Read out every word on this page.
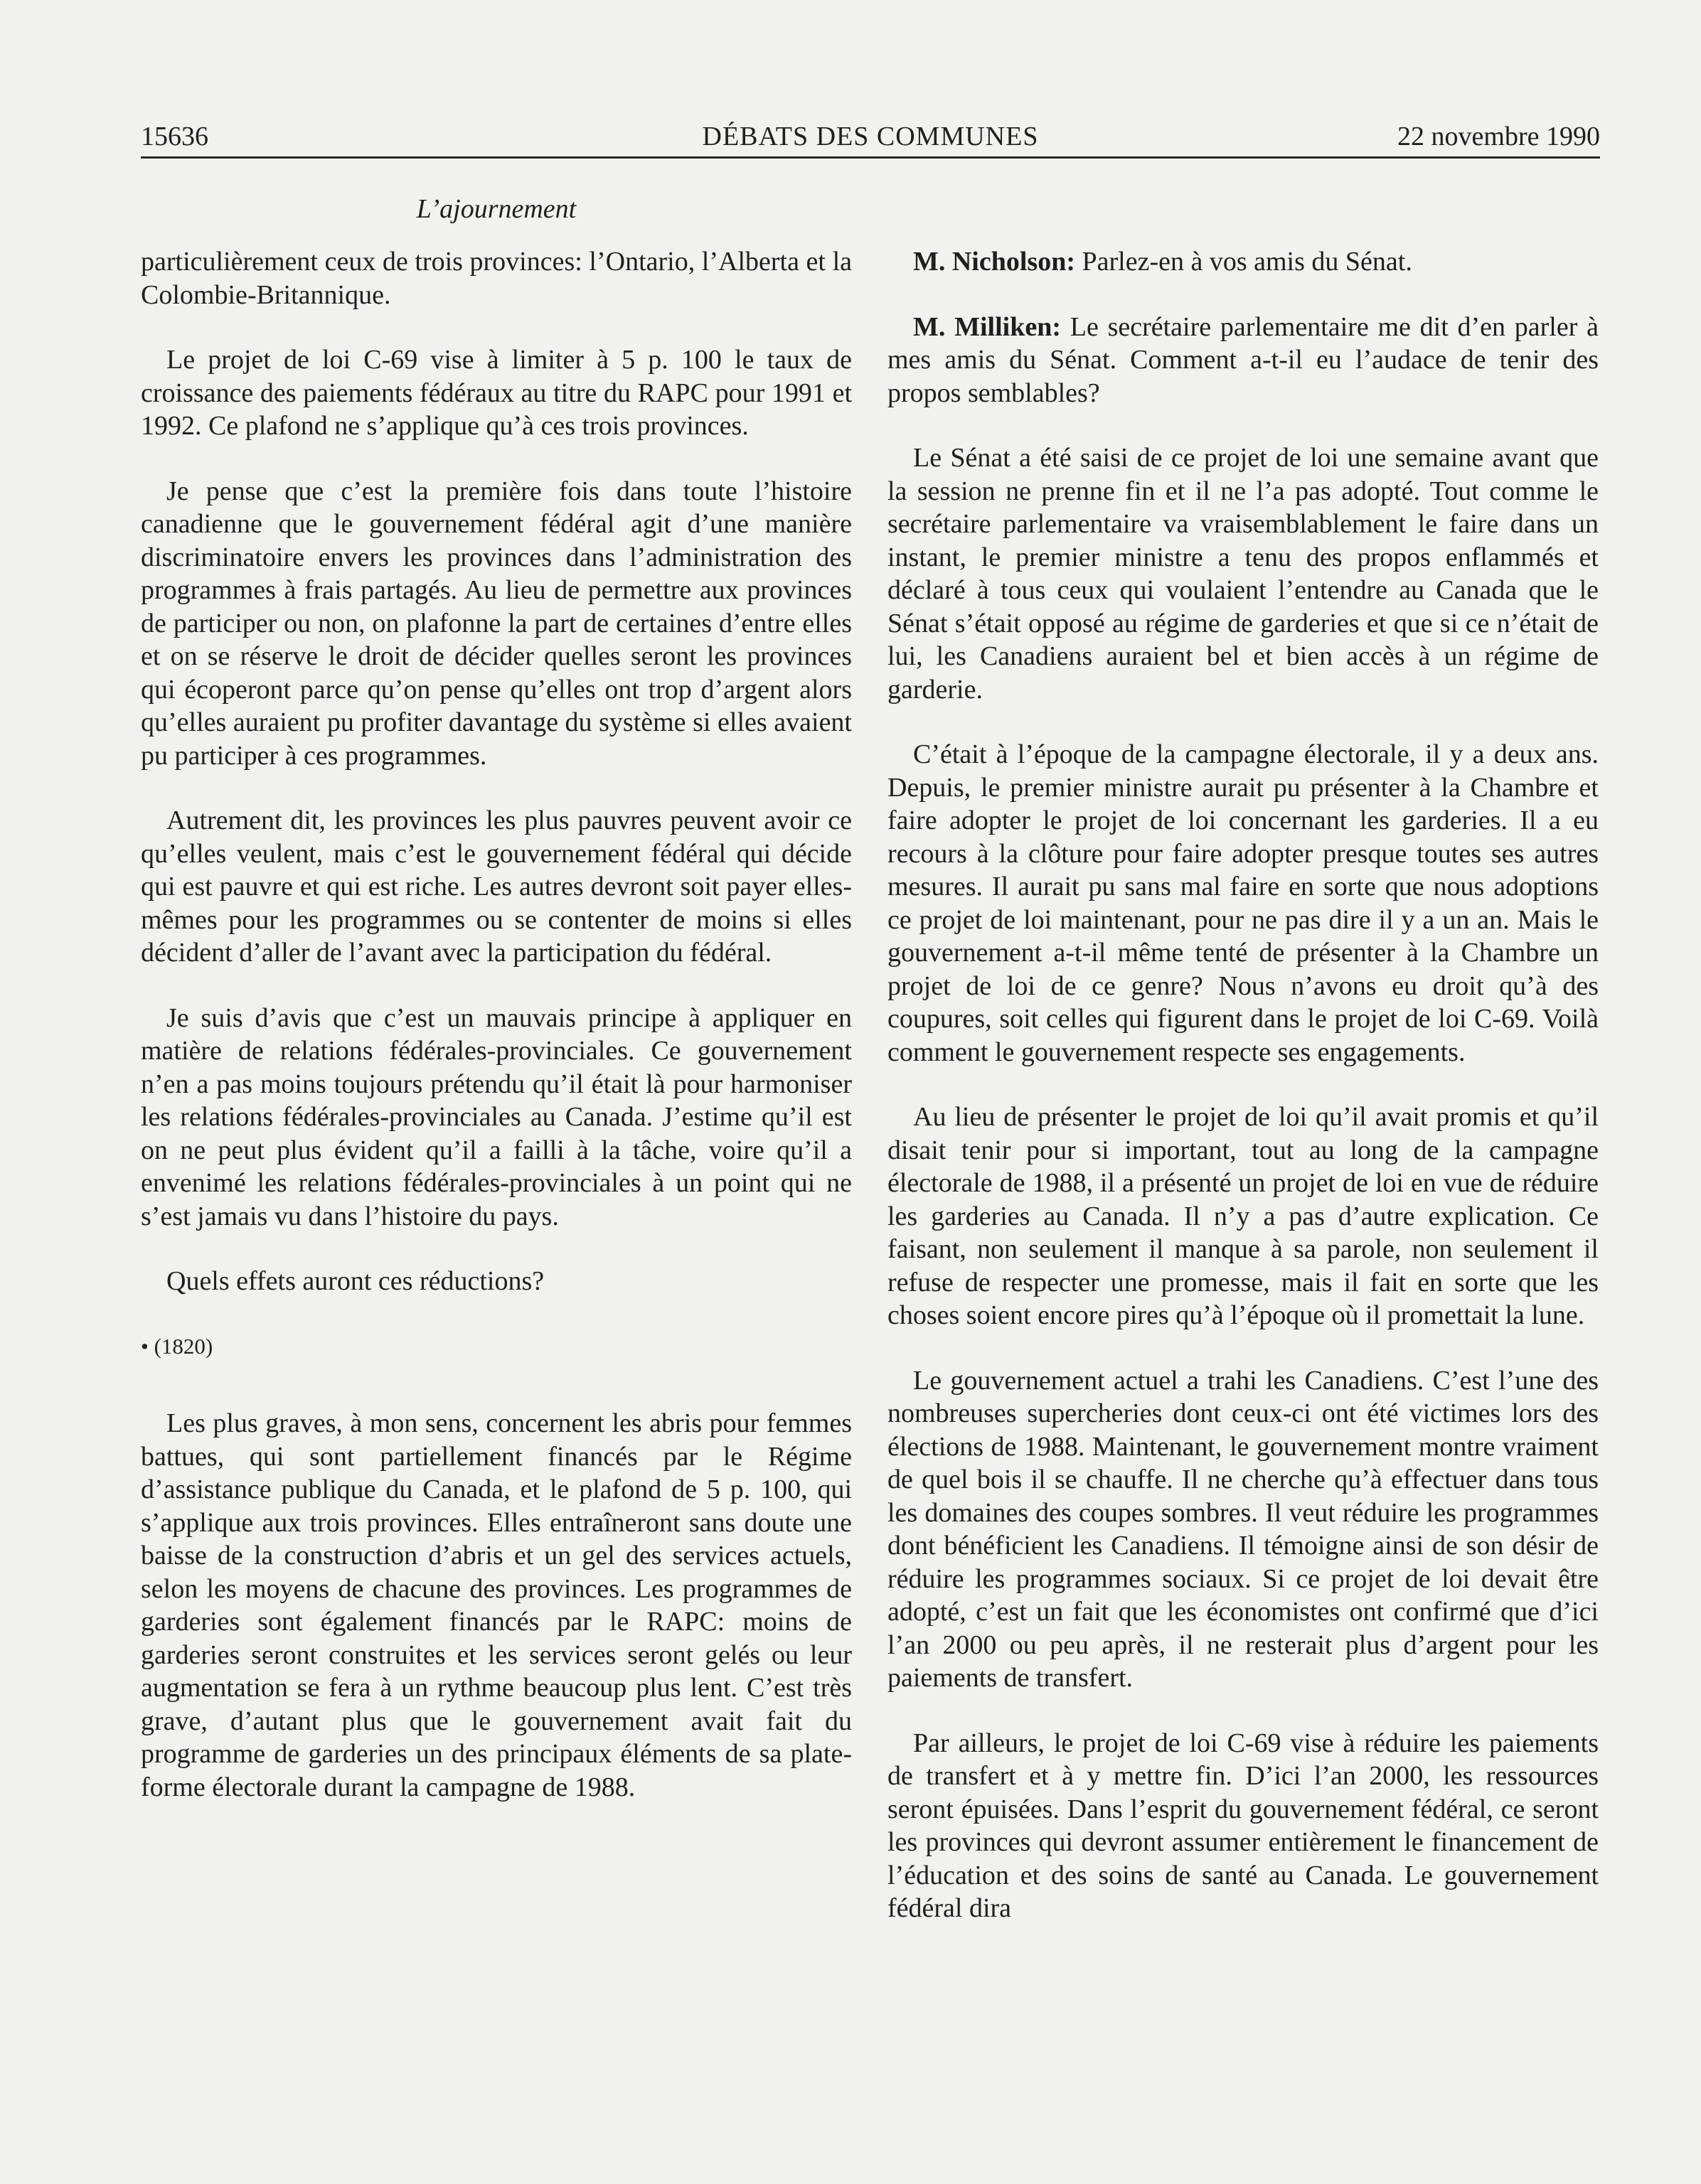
15636	DÉBATS DES COMMUNES	22 novembre 1990
L’ajournement

particulièrement ceux de trois provinces: l’Ontario, l’Alberta et la Colombie-Britannique.

Le projet de loi C-69 vise à limiter à 5 p. 100 le taux de croissance des paiements fédéraux au titre du RAPC pour 1991 et 1992. Ce plafond ne s’applique qu’à ces trois provinces.

Je pense que c’est la première fois dans toute l’histoire canadienne que le gouvernement fédéral agit d’une manière discriminatoire envers les provinces dans l’administration des programmes à frais partagés. Au lieu de permettre aux provinces de participer ou non, on plafonne la part de certaines d’entre elles et on se réserve le droit de décider quelles seront les provinces qui écoperont parce qu’on pense qu’elles ont trop d’argent alors qu’elles auraient pu profiter davantage du système si elles avaient pu participer à ces programmes.

Autrement dit, les provinces les plus pauvres peuvent avoir ce qu’elles veulent, mais c’est le gouvernement fédéral qui décide qui est pauvre et qui est riche. Les autres devront soit payer elles-mêmes pour les programmes ou se contenter de moins si elles décident d’aller de l’avant avec la participation du fédéral.

Je suis d’avis que c’est un mauvais principe à appliquer en matière de relations fédérales-provinciales. Ce gouvernement n’en a pas moins toujours prétendu qu’il était là pour harmoniser les relations fédérales-provinciales au Canada. J’estime qu’il est on ne peut plus évident qu’il a failli à la tâche, voire qu’il a envenimé les relations fédérales-provinciales à un point qui ne s’est jamais vu dans l’histoire du pays.

Quels effets auront ces réductions?

• (1820)

Les plus graves, à mon sens, concernent les abris pour femmes battues, qui sont partiellement financés par le Régime d’assistance publique du Canada, et le plafond de 5 p. 100, qui s’applique aux trois provinces. Elles entraîneront sans doute une baisse de la construction d’abris et un gel des services actuels, selon les moyens de chacune des provinces. Les programmes de garderies sont également financés par le RAPC: moins de garderies seront construites et les services seront gelés ou leur augmentation se fera à un rythme beaucoup plus lent. C’est très grave, d’autant plus que le gouvernement avait fait du programme de garderies un des principaux éléments de sa plate-forme électorale durant la campagne de 1988.

M. Nicholson: Parlez-en à vos amis du Sénat.

M. Milliken: Le secrétaire parlementaire me dit d’en parler à mes amis du Sénat. Comment a-t-il eu l’audace de tenir des propos semblables?

Le Sénat a été saisi de ce projet de loi une semaine avant que la session ne prenne fin et il ne l’a pas adopté. Tout comme le secrétaire parlementaire va vraisemblablement le faire dans un instant, le premier ministre a tenu des propos enflammés et déclaré à tous ceux qui voulaient l’entendre au Canada que le Sénat s’était opposé au régime de garderies et que si ce n’était de lui, les Canadiens auraient bel et bien accès à un régime de garderie.

C’était à l’époque de la campagne électorale, il y a deux ans. Depuis, le premier ministre aurait pu présenter à la Chambre et faire adopter le projet de loi concernant les garderies. Il a eu recours à la clôture pour faire adopter presque toutes ses autres mesures. Il aurait pu sans mal faire en sorte que nous adoptions ce projet de loi maintenant, pour ne pas dire il y a un an. Mais le gouvernement a-t-il même tenté de présenter à la Chambre un projet de loi de ce genre? Nous n’avons eu droit qu’à des coupures, soit celles qui figurent dans le projet de loi C-69. Voilà comment le gouvernement respecte ses engagements.

Au lieu de présenter le projet de loi qu’il avait promis et qu’il disait tenir pour si important, tout au long de la campagne électorale de 1988, il a présenté un projet de loi en vue de réduire les garderies au Canada. Il n’y a pas d’autre explication. Ce faisant, non seulement il manque à sa parole, non seulement il refuse de respecter une promesse, mais il fait en sorte que les choses soient encore pires qu’à l’époque où il promettait la lune.

Le gouvernement actuel a trahi les Canadiens. C’est l’une des nombreuses supercheries dont ceux-ci ont été victimes lors des élections de 1988. Maintenant, le gouvernement montre vraiment de quel bois il se chauffe. Il ne cherche qu’à effectuer dans tous les domaines des coupes sombres. Il veut réduire les programmes dont bénéficient les Canadiens. Il témoigne ainsi de son désir de réduire les programmes sociaux. Si ce projet de loi devait être adopté, c’est un fait que les économistes ont confirmé que d’ici l’an 2000 ou peu après, il ne resterait plus d’argent pour les paiements de transfert.

Par ailleurs, le projet de loi C-69 vise à réduire les paiements de transfert et à y mettre fin. D’ici l’an 2000, les ressources seront épuisées. Dans l’esprit du gouvernement fédéral, ce seront les provinces qui devront assumer entièrement le financement de l’éducation et des soins de santé au Canada. Le gouvernement fédéral dira
